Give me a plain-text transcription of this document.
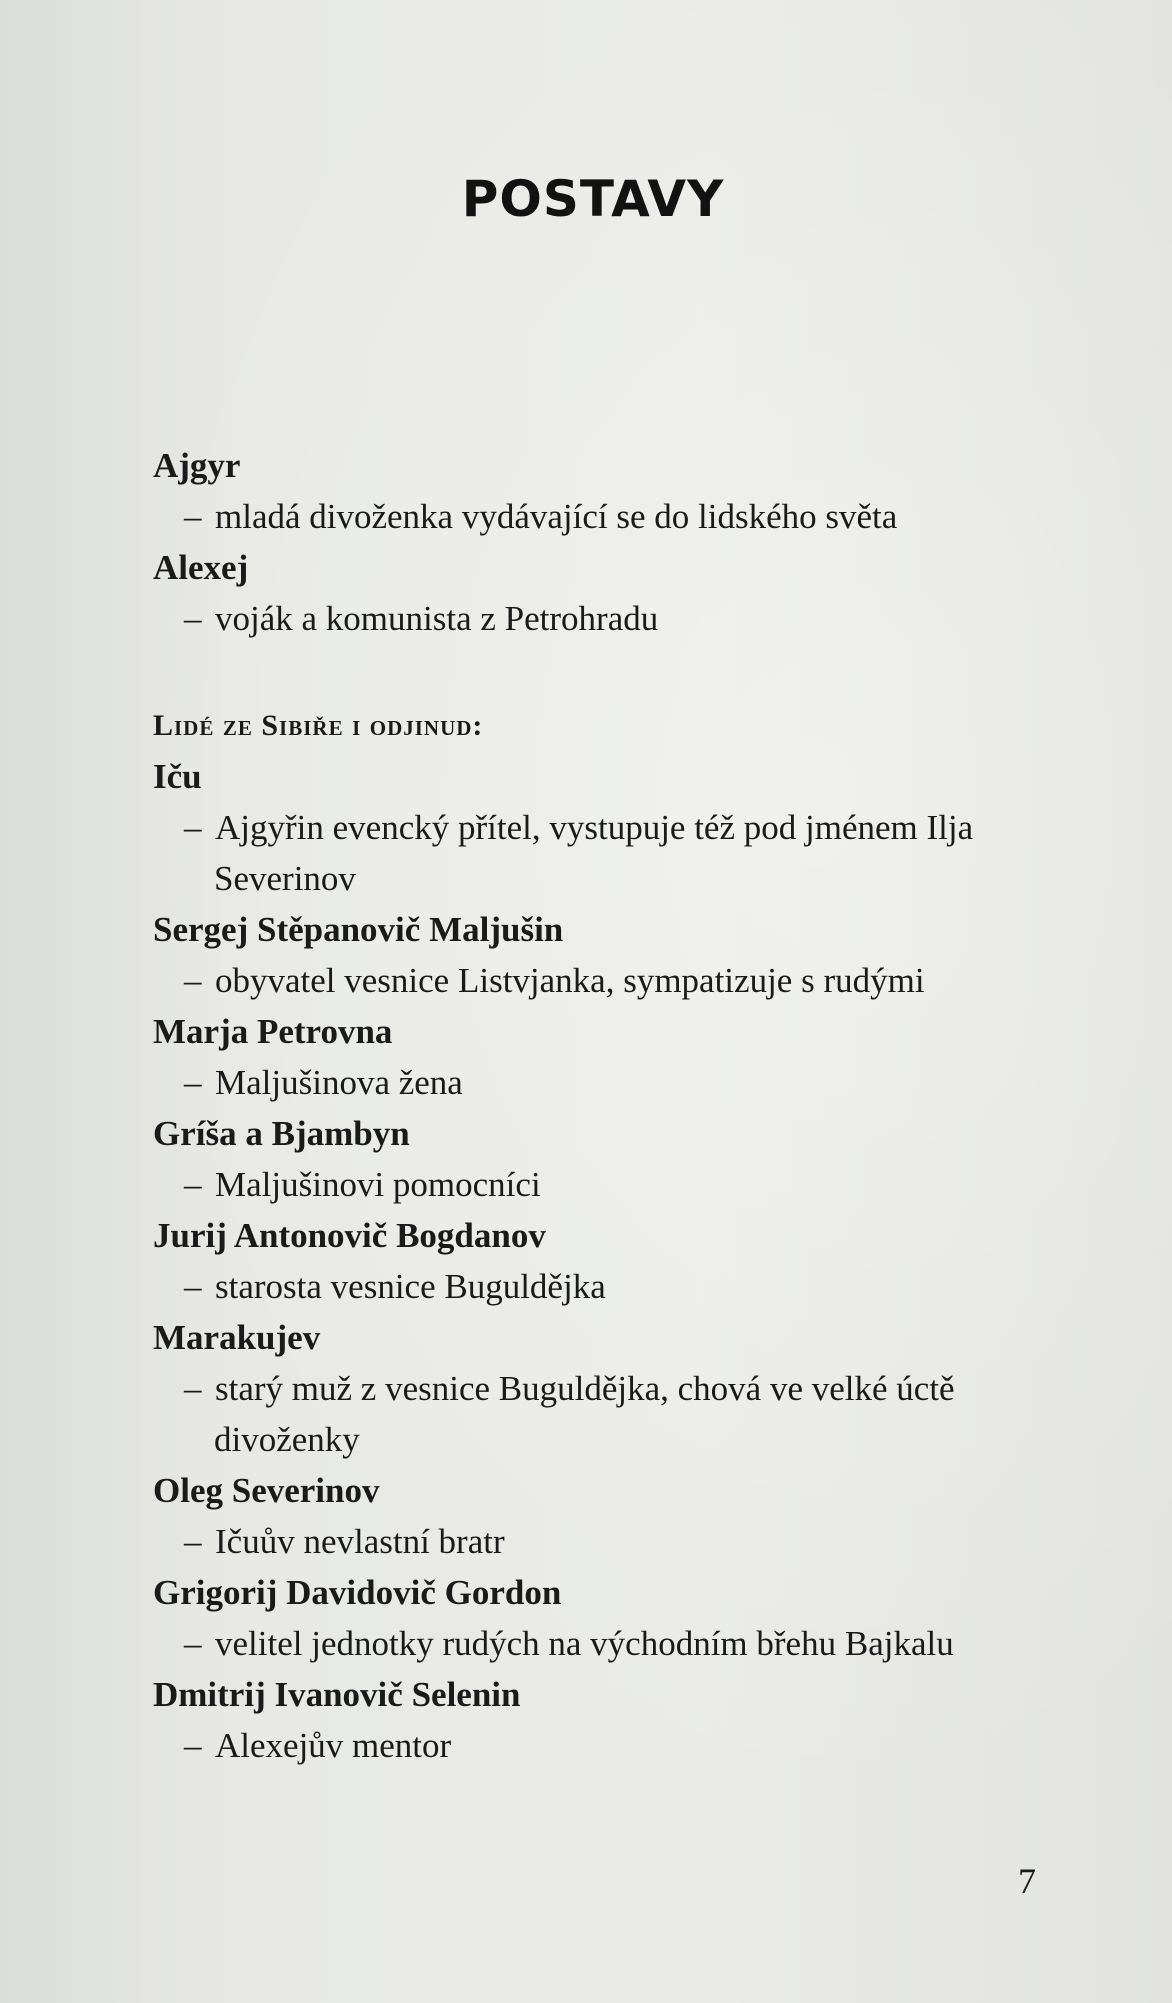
POSTAVY

Ajgyr

– mladá divoženka vydávající se do lidského světa

Alexej

– voják a komunista z Petrohradu

Lidé ze Sibiře i odjinud:

Iču

– Ajgyřin evencký přítel, vystupuje též pod jménem Ilja Severinov

Sergej Stěpanovič Maljušin

– obyvatel vesnice Listvjanka, sympatizuje s rudými

Marja Petrovna

– Maljušinova žena

Gríša a Bjambyn

– Maljušinovi pomocníci

Jurij Antonovič Bogdanov

– starosta vesnice Buguldějka

Marakujev

– starý muž z vesnice Buguldějka, chová ve velké úctě divoženky

Oleg Severinov

– Ičuův nevlastní bratr

Grigorij Davidovič Gordon

– velitel jednotky rudých na východním břehu Bajkalu

Dmitrij Ivanovič Selenin

– Alexejův mentor

7
